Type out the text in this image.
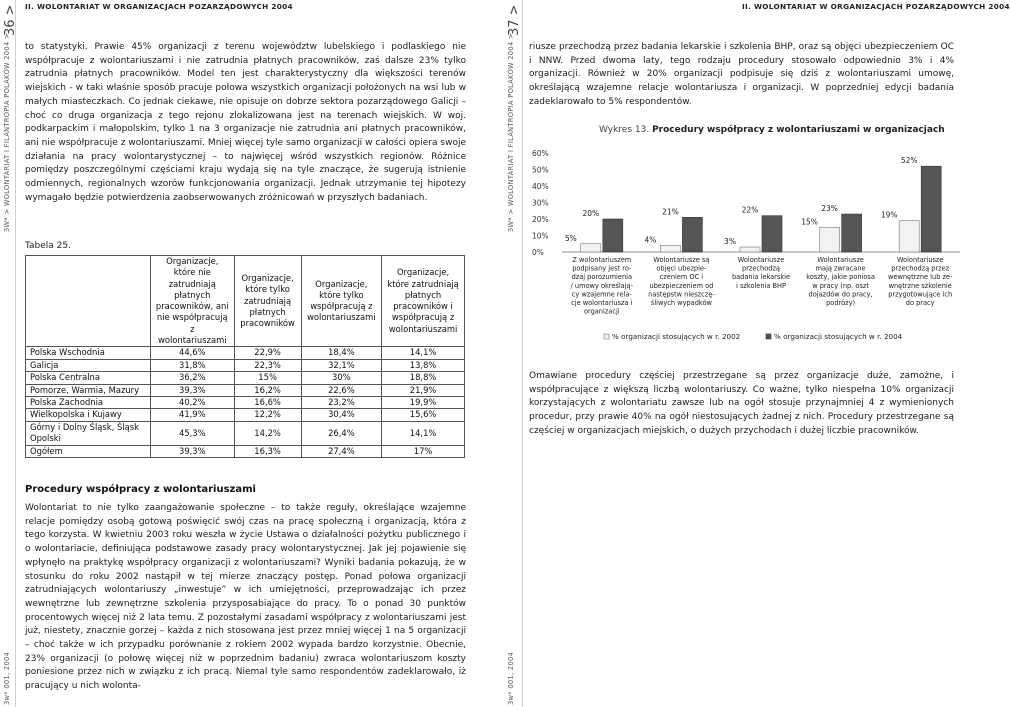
36 >
3W* > WOLONTARIAT I FILANTROPIA POLAKÓW 2004 >
3w* 001, 2004
II. WOLONTARIAT W ORGANIZACJACH POZARZĄDOWYCH 2004

to statystyki. Prawie 45% organizacji z terenu województw lubelskiego i podlaskiego nie współpracuje z wolontariuszami i nie zatrudnia płatnych pracowników, zaś dalsze 23% tylko zatrudnia płatnych pracowników. Model ten jest charakterystyczny dla większości terenów wiejskich - w taki właśnie sposób pracuje połowa wszystkich organizacji położonych na wsi lub w małych miasteczkach. Co jednak ciekawe, nie opisuje on dobrze sektora pozarządowego Galicji – choć co druga organizacja z tego rejonu zlokalizowana jest na terenach wiejskich. W woj. podkarpackim i małopolskim, tylko 1 na 3 organizacje nie zatrudnia ani płatnych pracowników, ani nie współpracuje z wolontariuszami. Mniej więcej tyle samo organizacji w całości opiera swoje działania na pracy wolontarystycznej – to najwięcej wśród wszystkich regionów. Różnice pomiędzy poszczególnymi częściami kraju wydają się na tyle znaczące, że sugerują istnienie odmiennych, regionalnych wzorów funkcjonowania organizacji. Jednak utrzymanie tej hipotezy wymagało będzie potwierdzenia zaobserwowanych zróżnicowań w przyszłych badaniach.

Tabela 25.
	Organizacje, które nie zatrudniają płatnych pracowników, ani nie współpracują z wolontariuszami	Organizacje, które tylko zatrudniają płatnych pracowników	Organizacje, które tylko współpracują z wolontariuszami	Organizacje, które zatrudniają płatnych pracowników i współpracują z wolontariuszami
Polska Wschodnia	44,6%	22,9%	18,4%	14,1%
Galicja	31,8%	22,3%	32,1%	13,8%
Polska Centralna	36,2%	15%	30%	18,8%
Pomorze, Warmia, Mazury	39,3%	16,2%	22,6%	21,9%
Polska Zachodnia	40,2%	16,6%	23,2%	19,9%
Wielkopolska i Kujawy	41,9%	12,2%	30,4%	15,6%
Górny i Dolny Śląsk, Śląsk Opolski	45,3%	14,2%	26,4%	14,1%
Ogółem	39,3%	16,3%	27,4%	17%
Procedury współpracy z wolontariuszami

Wolontariat to nie tylko zaangażowanie społeczne – to także reguły, określające wzajemne relacje pomiędzy osobą gotową poświęcić swój czas na pracę społeczną i organizacją, która z tego korzysta. W kwietniu 2003 roku weszła w życie Ustawa o działalności pożytku publicznego i o wolontariacie, definiująca podstawowe zasady pracy wolontarystycznej. Jak jej pojawienie się wpłynęło na praktykę współpracy organizacji z wolontariuszami? Wyniki badania pokazują, że w stosunku do roku 2002 nastąpił w tej mierze znaczący postęp. Ponad połowa organizacji zatrudniających wolontariuszy „inwestuje” w ich umiejętności, przeprowadzając ich przez wewnętrzne lub zewnętrzne szkolenia przysposabiające do pracy. To o ponad 30 punktów procentowych więcej niż 2 lata temu. Z pozostałymi zasadami współpracy z wolontariuszami jest już, niestety, znacznie gorzej – każda z nich stosowana jest przez mniej więcej 1 na 5 organizacji – choć także w ich przypadku porównanie z rokiem 2002 wypada bardzo korzystnie. Obecnie, 23% organizacji (o połowę więcej niż w poprzednim badaniu) zwraca wolontariuszom koszty poniesione przez nich w związku z ich pracą. Niemal tyle samo respondentów zadeklarowało, iż pracujący u nich wolonta-

37 >
3W* > WOLONTARIAT I FILANTROPIA POLAKÓW 2004 >
3w* 001, 2004
II. WOLONTARIAT W ORGANIZACJACH POZARZĄDOWYCH 2004

riusze przechodzą przez badania lekarskie i szkolenia BHP, oraz są objęci ubezpieczeniem OC i NNW. Przed dwoma laty, tego rodzaju procedury stosowało odpowiednio 3% i 4% organizacji. Również w 20% organizacji podpisuje się dziś z wolontariuszami umowę, określającą wzajemne relacje wolontariusza i organizacji. W poprzedniej edycji badania zadeklarowało to 5% respondentów.

Wykres 13. Procedury współpracy z wolontariuszami w organizacjach
0%
10%
20%
30%
40%
50%
60%
5%
20%
Z wolontariuszem
podpisany jest ro-
dzaj porozumienia
/ umowy określają-
cy wzajemne rela-
cje wolontariusza i
organizacji
4%
21%
Wolontariusze są
objęci ubezpie-
czeniem OC i
ubezpieczeniem od
następstw nieszczę-
śliwych wypadków
3%
22%
Wolontariusze
przechodzą
badania lekarskie
i szkolenia BHP
15%
23%
Wolontariusze
mają zwracane
koszty, jakie poniosa
w pracy (np. oszt
dojazdów do pracy,
podróży)
19%
52%
Wolontariusze
przechodzą przez
wewnętrzne lub ze-
wnętrzne szkolenie
przygotowujące ich
do pracy
% organizacji stosujących w r. 2002	% organizacji stosujących w r. 2004

Omawiane procedury częściej przestrzegane są przez organizacje duże, zamożne, i współpracujące z większą liczbą wolontariuszy. Co ważne, tylko niespełna 10% organizacji korzystających z wolontariatu zawsze lub na ogół stosuje przynajmniej 4 z wymienionych procedur, przy prawie 40% na ogół niestosujących żadnej z nich. Procedury przestrzegane są częściej w organizacjach miejskich, o dużych przychodach i dużej liczbie pracowników.
